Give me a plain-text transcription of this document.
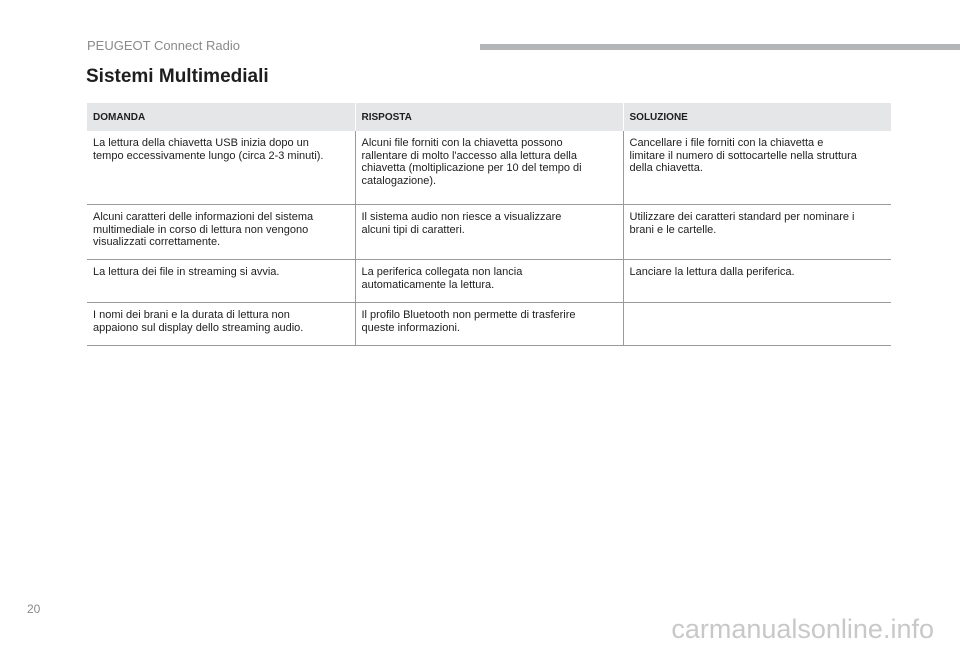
PEUGEOT Connect Radio
Sistemi Multimediali
DOMANDA	RISPOSTA	SOLUZIONE

La lettura della chiavetta USB inizia dopo un
tempo eccessivamente lungo (circa 2-3 minuti).	Alcuni file forniti con la chiavetta possono
rallentare di molto l'accesso alla lettura della
chiavetta (moltiplicazione per 10 del tempo di
catalogazione).	Cancellare i file forniti con la chiavetta e
limitare il numero di sottocartelle nella struttura
della chiavetta.

Alcuni caratteri delle informazioni del sistema
multimediale in corso di lettura non vengono
visualizzati correttamente.	Il sistema audio non riesce a visualizzare
alcuni tipi di caratteri.	Utilizzare dei caratteri standard per nominare i
brani e le cartelle.

La lettura dei file in streaming si avvia.	La periferica collegata non lancia
automaticamente la lettura.	Lanciare la lettura dalla periferica.

I nomi dei brani e la durata di lettura non
appaiono sul display dello streaming audio.	Il profilo Bluetooth non permette di trasferire
queste informazioni.	

20
carmanualsonline.info
